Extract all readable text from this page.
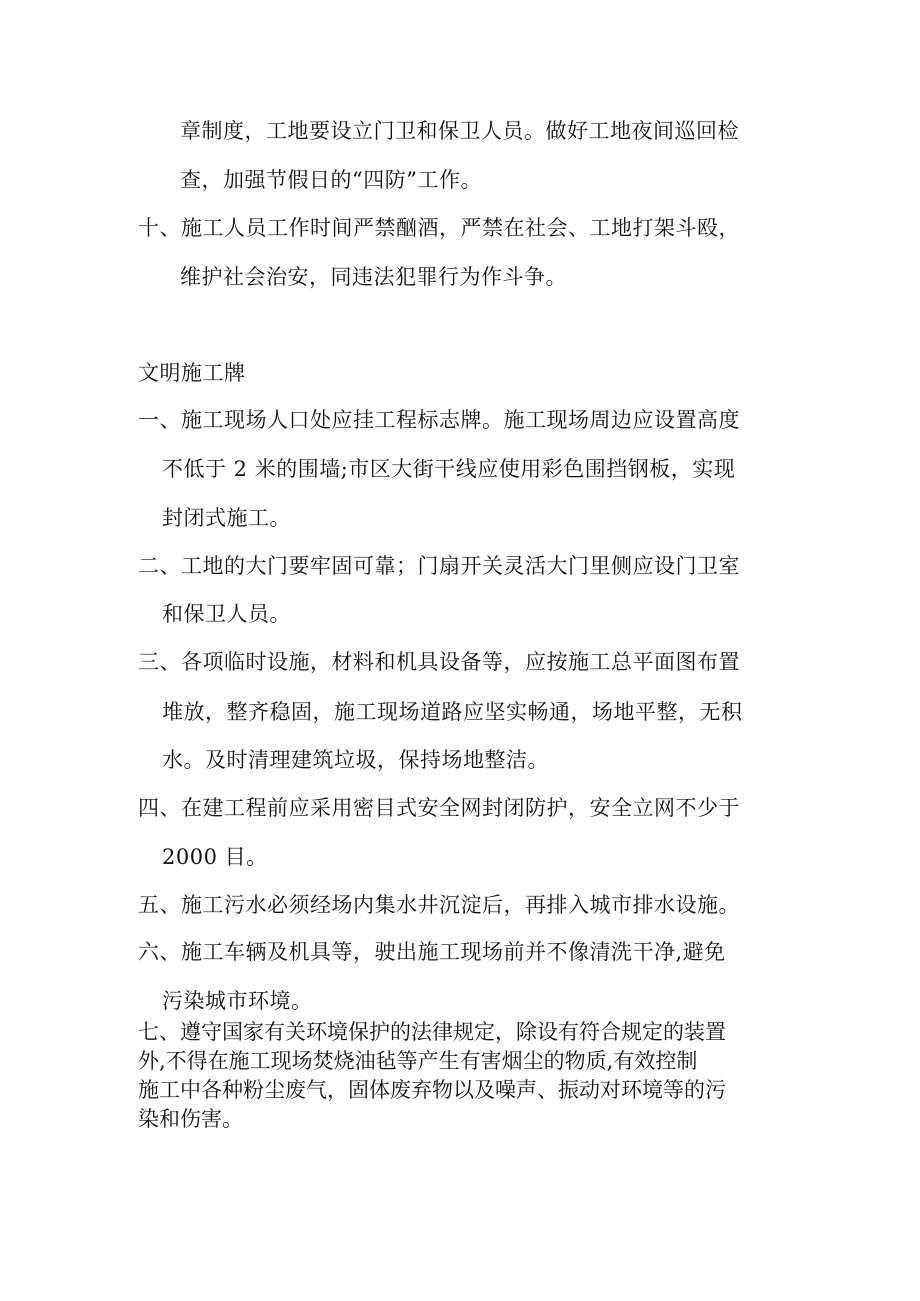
章制度，工地要设立门卫和保卫人员。做好工地夜间巡回检
查，加强节假日的“四防”工作。
十、施工人员工作时间严禁酗酒，严禁在社会、工地打架斗殴，
维护社会治安，同违法犯罪行为作斗争。
文明施工牌
一、施工现场人口处应挂工程标志牌。施工现场周边应设置高度
不低于 2 米的围墙;市区大街干线应使用彩色围挡钢板，实现
封闭式施工。
二、工地的大门要牢固可靠；门扇开关灵活大门里侧应设门卫室
和保卫人员。
三、各项临时设施，材料和机具设备等，应按施工总平面图布置
堆放，整齐稳固，施工现场道路应坚实畅通，场地平整，无积
水。及时清理建筑垃圾，保持场地整洁。
四、在建工程前应采用密目式安全网封闭防护，安全立网不少于
2000 目。
五、施工污水必须经场内集水井沉淀后，再排入城市排水设施。
六、施工车辆及机具等，驶出施工现场前并不像清洗干净,避免
污染城市环境。
七、遵守国家有关环境保护的法律规定，除设有符合规定的装置
外,不得在施工现场焚烧油毡等产生有害烟尘的物质,有效控制
施工中各种粉尘废气，固体废弃物以及噪声、振动对环境等的污
染和伤害。
